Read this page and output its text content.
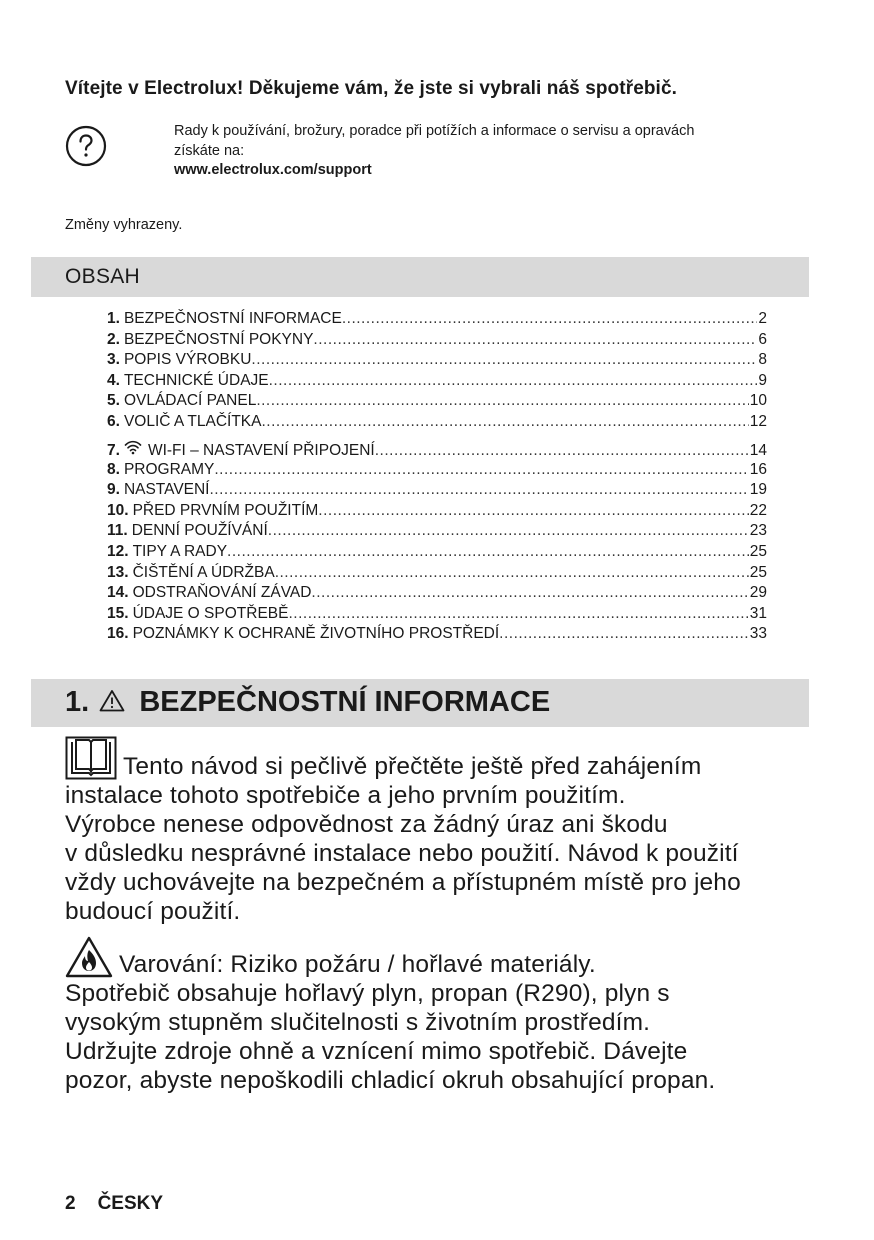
Vítejte v Electrolux! Děkujeme vám, že jste si vybrali náš spotřebič.
Rady k používání, brožury, poradce při potížích a informace o servisu a opravách
získáte na:
www.electrolux.com/support
Změny vyhrazeny.
OBSAH
1. BEZPEČNOSTNÍ INFORMACE .....	2
2. BEZPEČNOSTNÍ POKYNY .....	6
3. POPIS VÝROBKU .....	8
4. TECHNICKÉ ÚDAJE .....	9
5. OVLÁDACÍ PANEL .....	10
6. VOLIČ A TLAČÍTKA .....	12
7. WI-FI – NASTAVENÍ PŘIPOJENÍ .....	14
8. PROGRAMY .....	16
9. NASTAVENÍ .....	19
10. PŘED PRVNÍM POUŽITÍM .....	22
11. DENNÍ POUŽÍVÁNÍ .....	23
12. TIPY A RADY .....	25
13. ČIŠTĚNÍ A ÚDRŽBA .....	25
14. ODSTRAŇOVÁNÍ ZÁVAD .....	29
15. ÚDAJE O SPOTŘEBĚ .....	31
16. POZNÁMKY K OCHRANĚ ŽIVOTNÍHO PROSTŘEDÍ .....	33
1. BEZPEČNOSTNÍ INFORMACE
Tento návod si pečlivě přečtěte ještě před zahájením
instalace tohoto spotřebiče a jeho prvním použitím.
Výrobce nenese odpovědnost za žádný úraz ani škodu
v důsledku nesprávné instalace nebo použití. Návod k použití
vždy uchovávejte na bezpečném a přístupném místě pro jeho
budoucí použití.
Varování: Riziko požáru / hořlavé materiály.
Spotřebič obsahuje hořlavý plyn, propan (R290), plyn s
vysokým stupněm slučitelnosti s životním prostředím.
Udržujte zdroje ohně a vznícení mimo spotřebič. Dávejte
pozor, abyste nepoškodili chladicí okruh obsahující propan.
2 ČESKY
